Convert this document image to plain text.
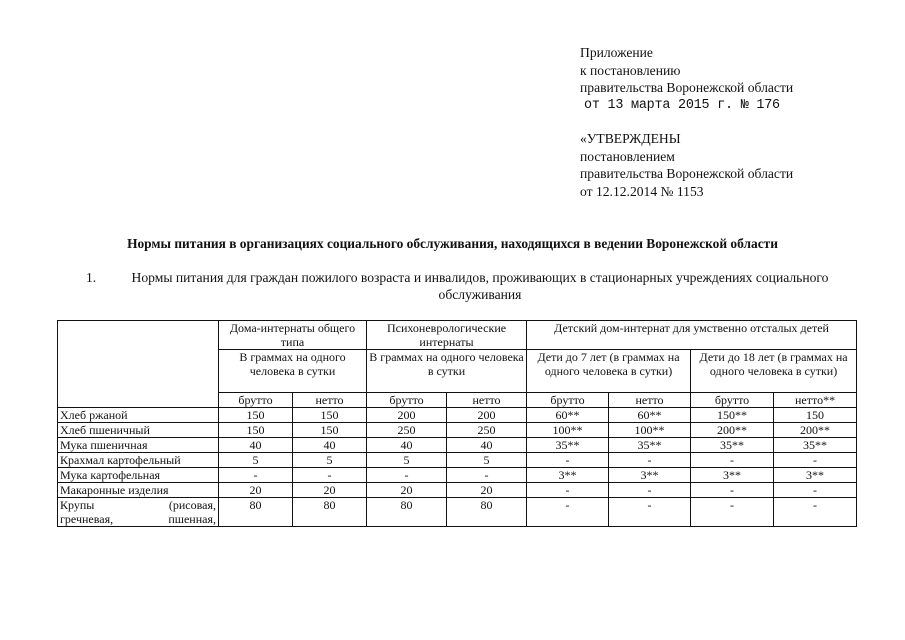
Приложение
к постановлению
правительства Воронежской области
от 13 марта 2015 г. № 176
«УТВЕРЖДЕНЫ
постановлением
правительства Воронежской области
от 12.12.2014 № 1153
Нормы питания в организациях социального обслуживания, находящихся в ведении Воронежской области
1.	Нормы питания для граждан пожилого возраста и инвалидов, проживающих в стационарных учреждениях социального обслуживания
	Дома-интернаты общего типа		Психоневрологические интернаты		Детский дом-интернат для умственно отсталых детей			
	В граммах на одного человека в сутки		В граммах на одного человека в сутки		Дети до 7 лет (в граммах на одного человека в сутки)		Дети до 18 лет (в граммах на одного человека в сутки)	
	брутто	нетто	брутто	нетто	брутто	нетто	брутто	нетто**
Хлеб ржаной	150	150	200	200	60**	60**	150**	150
Хлеб пшеничный	150	150	250	250	100**	100**	200**	200**
Мука пшеничная	40	40	40	40	35**	35**	35**	35**
Крахмал картофельный	5	5	5	5	-	-	-	-
Мука картофельная	-	-	-	-	3**	3**	3**	3**
Макаронные изделия	20	20	20	20	-	-	-	-

Крупы (рисовая,
гречневая, пшенная,	80	80	80	80	-	-	-	-
